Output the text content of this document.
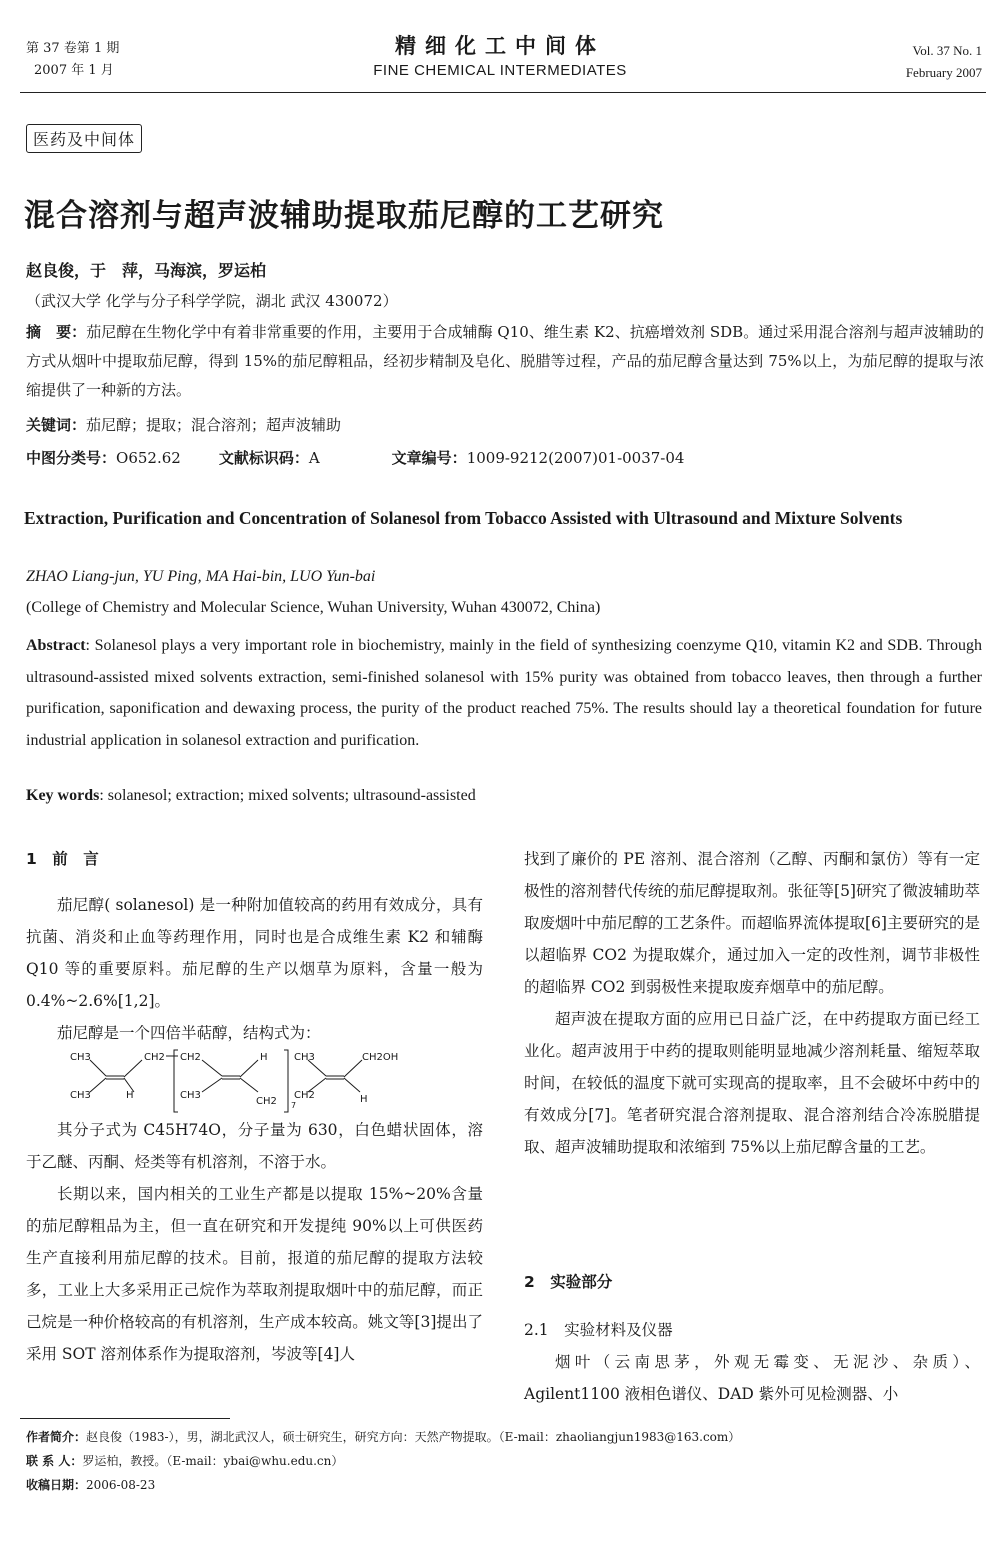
第 37 卷第 1 期
2007 年 1 月
精细化工中间体
FINE CHEMICAL INTERMEDIATES
Vol. 37 No. 1
February 2007
医药及中间体
混合溶剂与超声波辅助提取茄尼醇的工艺研究
赵良俊，于　萍，马海滨，罗运柏
（武汉大学 化学与分子科学学院，湖北 武汉 430072）
摘　要：茄尼醇在生物化学中有着非常重要的作用，主要用于合成辅酶 Q10、维生素 K2、抗癌增效剂 SDB。通过采用混合溶剂与超声波辅助的方式从烟叶中提取茄尼醇，得到 15%的茄尼醇粗品，经初步精制及皂化、脱腊等过程，产品的茄尼醇含量达到 75%以上，为茄尼醇的提取与浓缩提供了一种新的方法。
关键词：茄尼醇；提取；混合溶剂；超声波辅助
中图分类号：O652.62	文献标识码：A	文章编号：1009-9212(2007)01-0037-04
Extraction, Purification and Concentration of Solanesol from Tobacco Assisted with Ultrasound and Mixture Solvents
ZHAO Liang-jun, YU Ping, MA Hai-bin, LUO Yun-bai
(College of Chemistry and Molecular Science, Wuhan University, Wuhan 430072, China)
Abstract: Solanesol plays a very important role in biochemistry, mainly in the field of synthesizing coenzyme Q10, vitamin K2 and SDB. Through ultrasound-assisted mixed solvents extraction, semi-finished solanesol with 15% purity was obtained from tobacco leaves, then through a further purification, saponification and dewaxing process, the purity of the product reached 75%. The results should lay a theoretical foundation for future industrial application in solanesol extraction and purification.
Key words: solanesol; extraction; mixed solvents; ultrasound-assisted
1　前　言

茄尼醇( solanesol) 是一种附加值较高的药用有效成分，具有抗菌、消炎和止血等药理作用，同时也是合成维生素 K2 和辅酶 Q10 等的重要原料。茄尼醇的生产以烟草为原料，含量一般为 0.4%~2.6%[1,2]。

茄尼醇是一个四倍半萜醇，结构式为：

CH3
CH3	H
CH2 CH2
CH3
H
CH2 7
CH3
CH2
CH2OH
H

其分子式为 C45H74O，分子量为 630，白色蜡状固体，溶于乙醚、丙酮、烃类等有机溶剂，不溶于水。

长期以来，国内相关的工业生产都是以提取 15%~20%含量的茄尼醇粗品为主，但一直在研究和开发提纯 90%以上可供医药生产直接利用茄尼醇的技术。目前，报道的茄尼醇的提取方法较多，工业上大多采用正己烷作为萃取剂提取烟叶中的茄尼醇，而正己烷是一种价格较高的有机溶剂，生产成本较高。姚文等[3]提出了采用 SOT 溶剂体系作为提取溶剂，岑波等[4]人

找到了廉价的 PE 溶剂、混合溶剂（乙醇、丙酮和氯仿）等有一定极性的溶剂替代传统的茄尼醇提取剂。张征等[5]研究了微波辅助萃取废烟叶中茄尼醇的工艺条件。而超临界流体提取[6]主要研究的是以超临界 CO2 为提取媒介，通过加入一定的改性剂，调节非极性的超临界 CO2 到弱极性来提取废弃烟草中的茄尼醇。

超声波在提取方面的应用已日益广泛，在中药提取方面已经工业化。超声波用于中药的提取则能明显地减少溶剂耗量、缩短萃取时间，在较低的温度下就可实现高的提取率，且不会破坏中药中的有效成分[7]。笔者研究混合溶剂提取、混合溶剂结合冷冻脱腊提取、超声波辅助提取和浓缩到 75%以上茄尼醇含量的工艺。

2　实验部分
2.1　实验材料及仪器

烟叶（云南思茅，外观无霉变、无泥沙、杂质）、Agilent1100 液相色谱仪、DAD 紫外可见检测器、小

作者简介：赵良俊（1983-），男，湖北武汉人，硕士研究生，研究方向：天然产物提取。（E-mail：zhaoliangjun1983@163.com）
联 系 人：罗运柏，教授。（E-mail：ybai@whu.edu.cn）
收稿日期：2006-08-23
